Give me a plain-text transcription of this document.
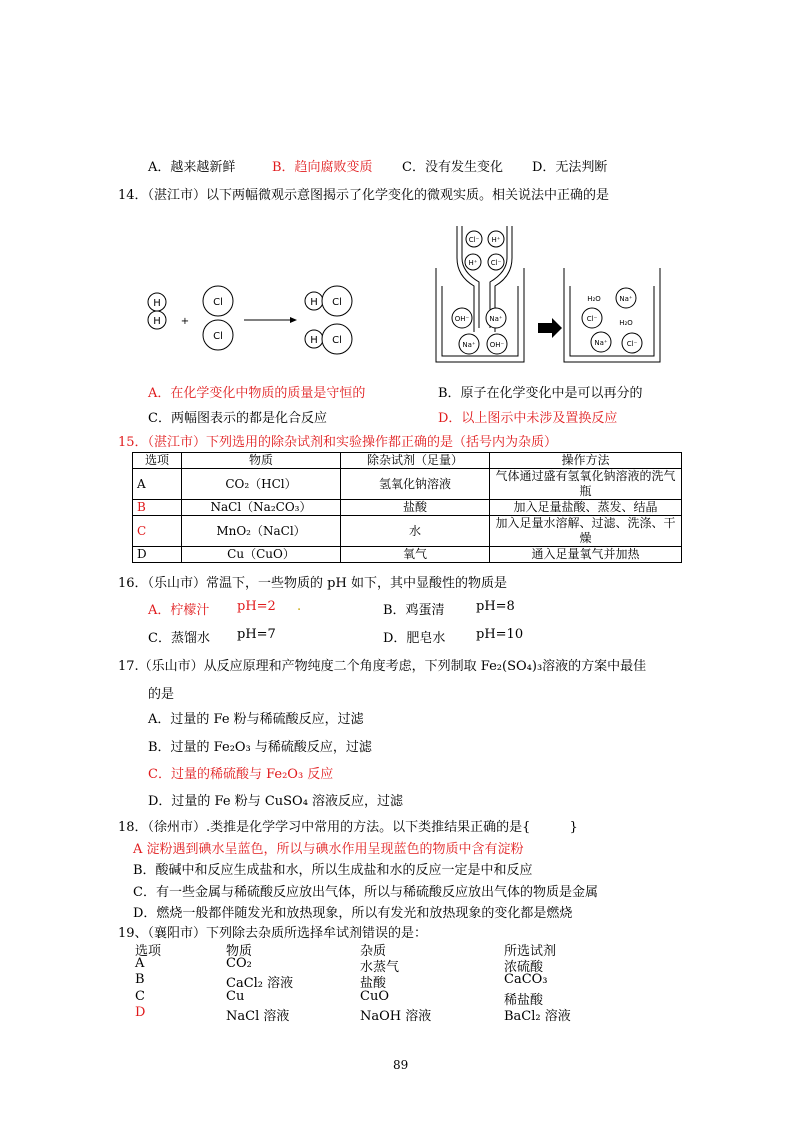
A．越来越新鲜	B．趋向腐败变质 C．没有发生变化 D．无法判断
14．（湛江市）以下两幅微观示意图揭示了化学变化的微观实质。相关说法中正确的是
H
H +
Cl
Cl
H Cl
H Cl
Cl⁻ H⁺
H⁺ Cl⁻
OH⁻	Na⁺
Na⁺ OH⁻
H₂O	Na⁺
Cl⁻	H₂O
Na⁺	Cl⁻
A．在化学变化中物质的质量是守恒的	B．原子在化学变化中是可以再分的
C．两幅图表示的都是化合反应	D．以上图示中未涉及置换反应
15．（湛江市）下列选用的除杂试剂和实验操作都正确的是（括号内为杂质）
选项	物质	除杂试剂（足量）	操作方法
A	CO₂（HCl）	氢氧化钠溶液	气体通过盛有氢氧化钠溶液的洗气瓶
B	NaCl（Na₂CO₃）	盐酸	加入足量盐酸、蒸发、结晶
C	MnO₂（NaCl）	水	加入足量水溶解、过滤、洗涤、干燥
D	Cu（CuO）	氧气	通入足量氧气并加热
16．（乐山市）常温下，一些物质的 pH 如下，其中显酸性的物质是
A．柠檬汁 pH=2 .	B．鸡蛋清 pH=8
C．蒸馏水 pH=7	D．肥皂水 pH=10
17.（乐山市）从反应原理和产物纯度二个角度考虑，下列制取 Fe₂(SO₄)₃溶液的方案中最佳
的是
A．过量的 Fe 粉与稀硫酸反应，过滤
B．过量的 Fe₂O₃ 与稀硫酸反应，过滤
C．过量的稀硫酸与 Fe₂O₃ 反应
D．过量的 Fe 粉与 CuSO₄ 溶液反应，过滤
18．（徐州市）.类推是化学学习中常用的方法。以下类推结果正确的是{　　　}
A 淀粉遇到碘水呈蓝色，所以与碘水作用呈现蓝色的物质中含有淀粉
B．酸碱中和反应生成盐和水，所以生成盐和水的反应一定是中和反应
C．有一些金属与稀硫酸反应放出气体，所以与稀硫酸反应放出气体的物质是金属
D．燃烧一般都伴随发光和放热现象，所以有发光和放热现象的变化都是燃烧
19、（襄阳市）下列除去杂质所选择牟试剂错误的是：
选项	物质	杂质	所选试剂
A	CO₂	水蒸气	浓硫酸
B	CaCl₂ 溶液	盐酸	CaCO₃
C	Cu	CuO	稀盐酸
D	NaCl 溶液	NaOH 溶液	BaCl₂ 溶液
89
